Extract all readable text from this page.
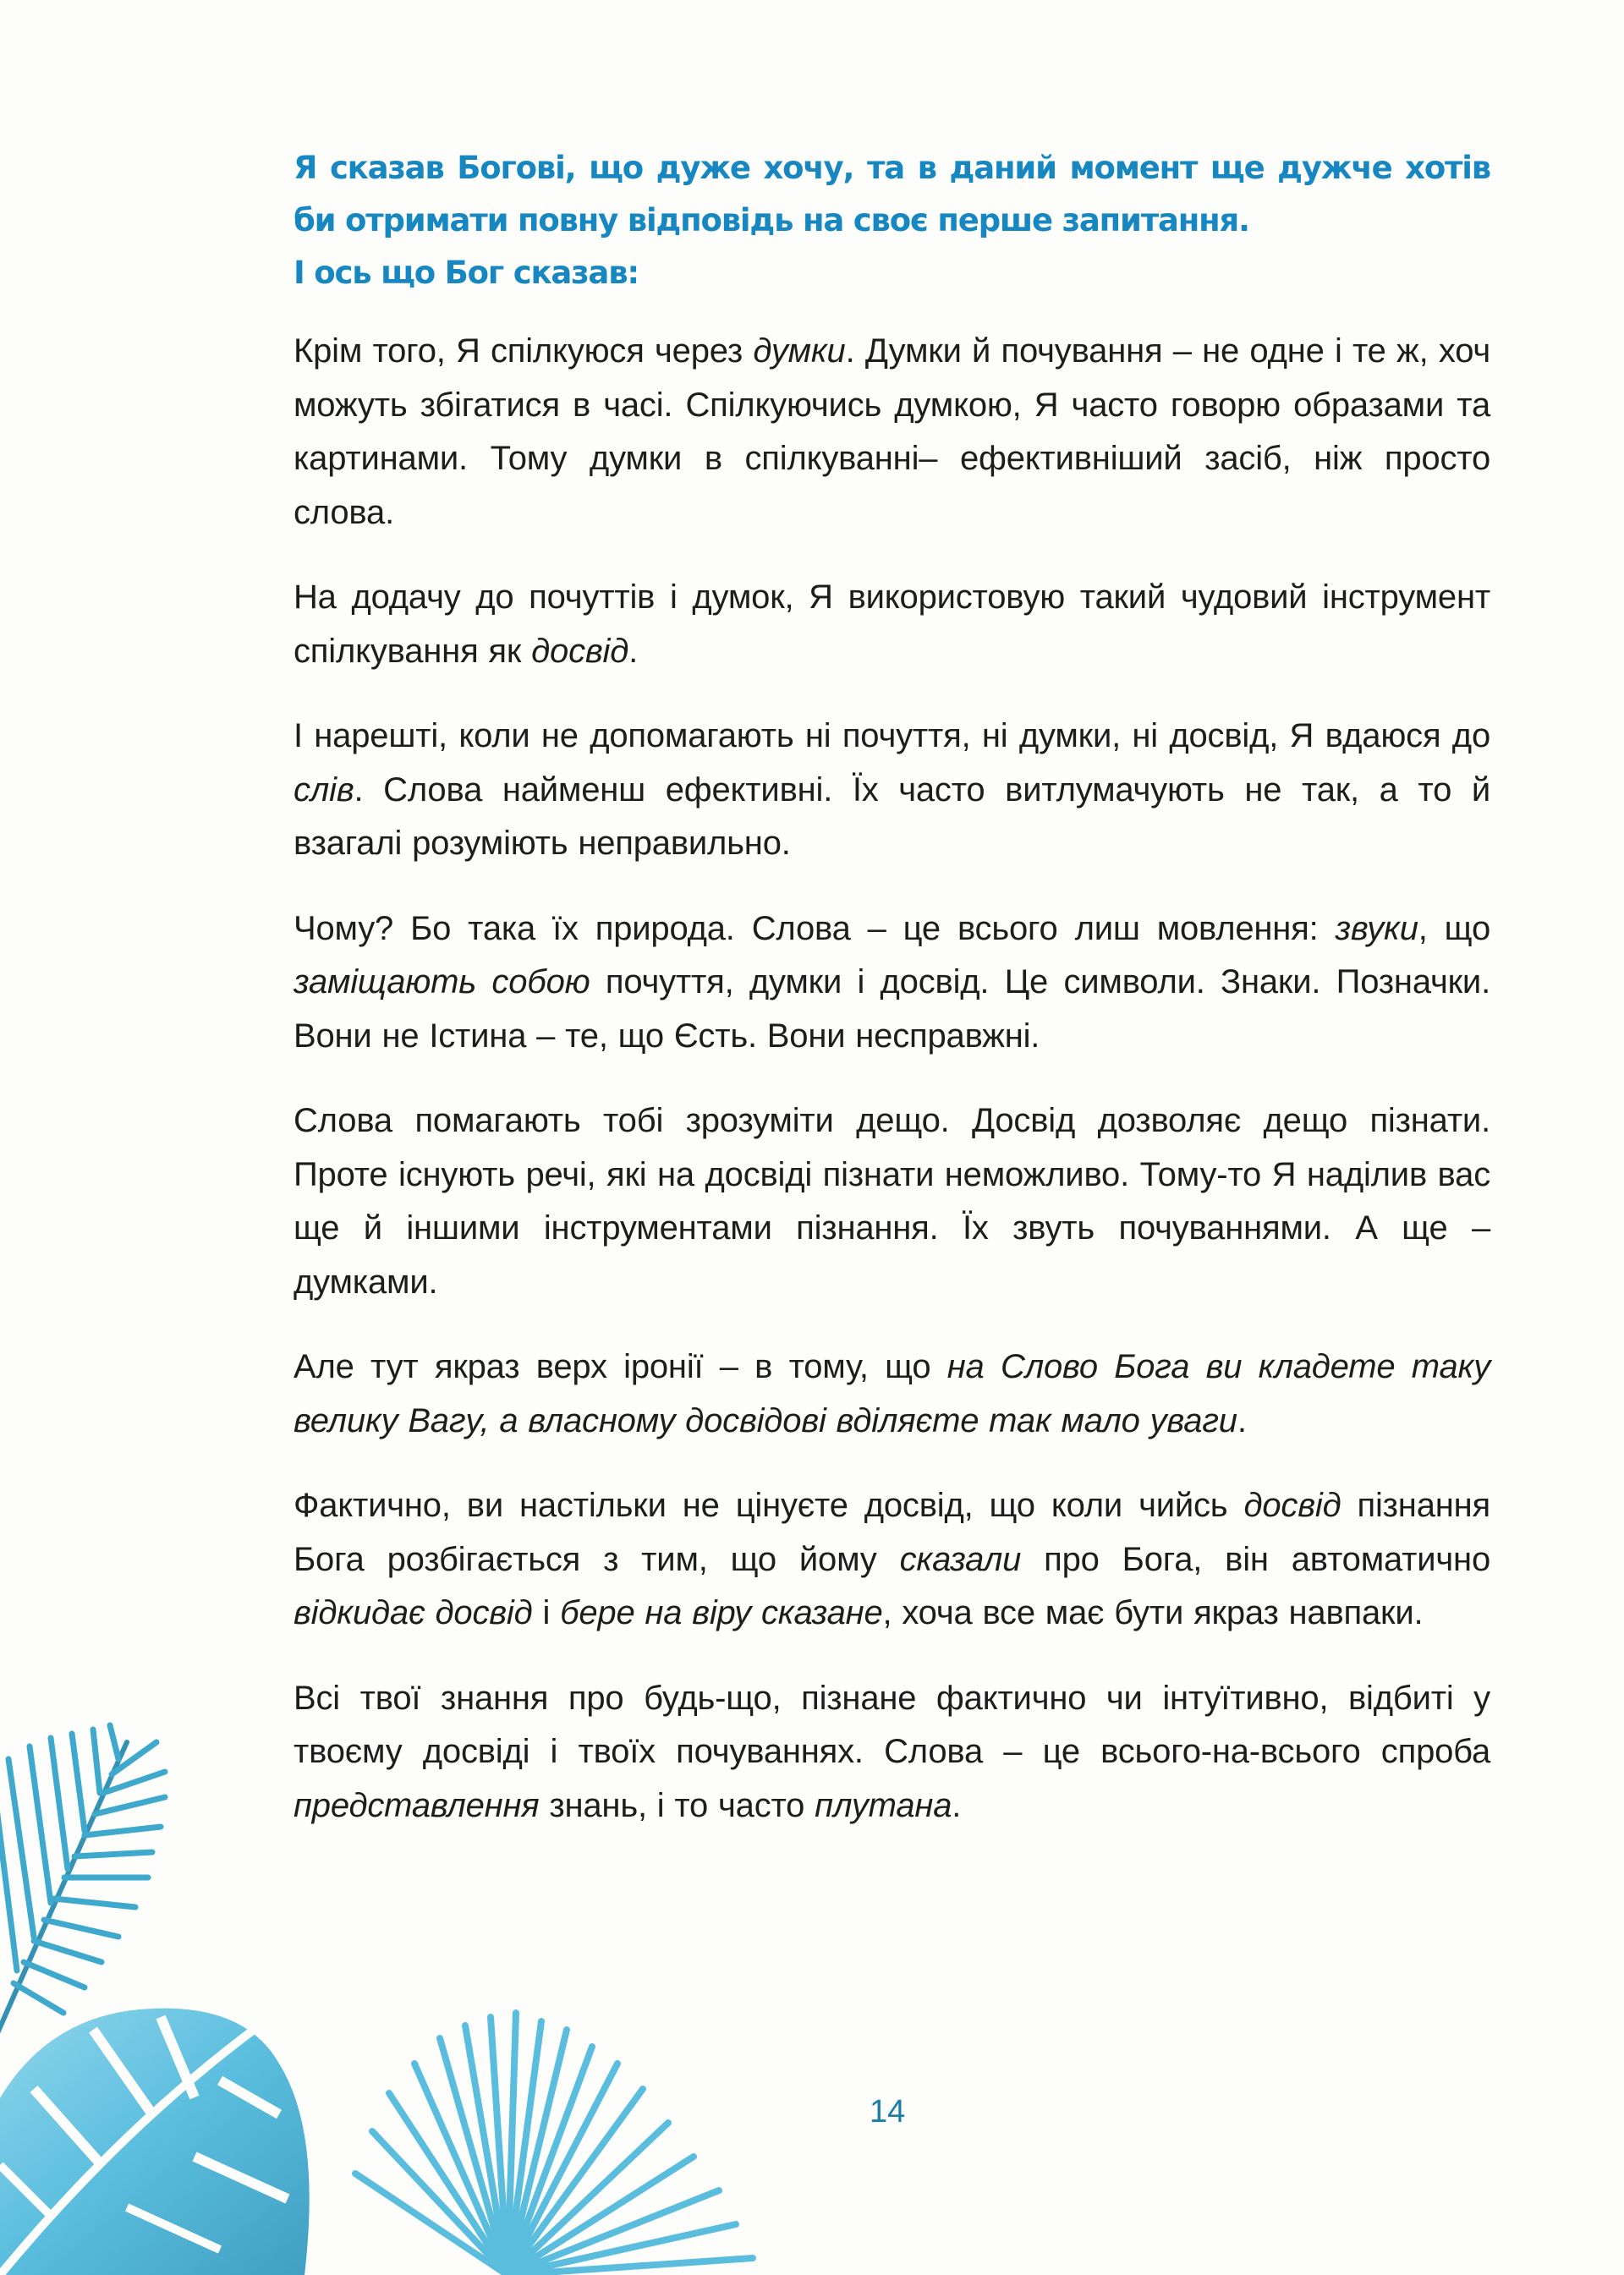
Я сказав Богові, що дуже хочу, та в даний момент ще дужче хотів би отримати повну відповідь на своє перше запитання.
І ось що Бог сказав:

Крім того, Я спілкуюся через думки. Думки й почування – не одне і те ж, хоч можуть збігатися в часі. Спілкуючись думкою, Я часто говорю образами та картинами. Тому думки в спілкуванні– ефективніший засіб, ніж просто слова.

На додачу до почуттів і думок, Я використовую такий чудовий інструмент спілкування як досвід.

І нарешті, коли не допомагають ні почуття, ні думки, ні досвід, Я вдаюся до слів. Слова найменш ефективні. Їх часто витлумачують не так, а то й взагалі розуміють неправильно.

Чому? Бо така їх природа. Слова – це всього лиш мовлення: звуки, що заміщають собою почуття, думки і досвід. Це символи. Знаки. Позначки. Вони не Істина – те, що Єсть. Вони несправжні.

Слова помагають тобі зрозуміти дещо. Досвід дозволяє дещо пізнати. Проте існують речі, які на досвіді пізнати неможливо. Тому-то Я наділив вас ще й іншими інструментами пізнання. Їх звуть почуваннями. А ще – думками.

Але тут якраз верх іронії – в тому, що на Слово Бога ви кладете таку велику Вагу, а власному досвідові вділяєте так мало уваги.

Фактично, ви настільки не цінуєте досвід, що коли чийсь досвід пізнання Бога розбігається з тим, що йому сказали про Бога, він автоматично відкидає досвід і бере на віру сказане, хоча все має бути якраз навпаки.

Всі твої знання про будь-що, пізнане фактично чи інтуїтивно, відбиті у твоєму досвіді і твоїх почуваннях. Слова – це всього-на-всього спроба представлення знань, і то часто плутана.

14
